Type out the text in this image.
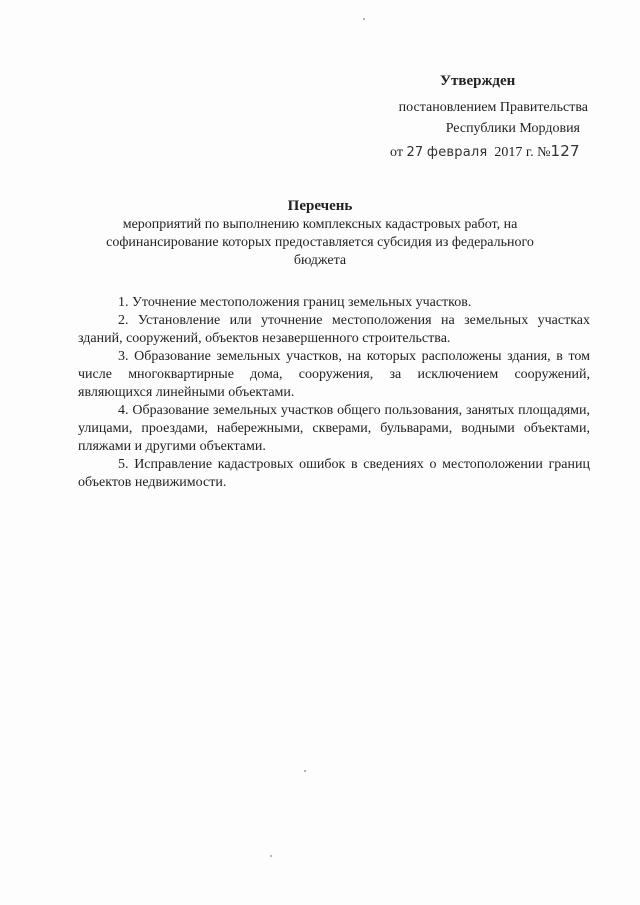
Утвержден
постановлением Правительства
Республики Мордовия
от 27 февраля 2017 г. №127
Перечень
мероприятий по выполнению комплексных кадастровых работ, на софинансирование которых предоставляется субсидия из федерального бюджета

1. Уточнение местоположения границ земельных участков.

2. Установление или уточнение местоположения на земельных участках зданий, сооружений, объектов незавершенного строительства.

3. Образование земельных участков, на которых расположены здания, в том числе многоквартирные дома, сооружения, за исключением сооружений, являющихся линейными объектами.

4. Образование земельных участков общего пользования, занятых площадями, улицами, проездами, набережными, скверами, бульварами, водными объектами, пляжами и другими объектами.

5. Исправление кадастровых ошибок в сведениях о местоположении границ объектов недвижимости.
